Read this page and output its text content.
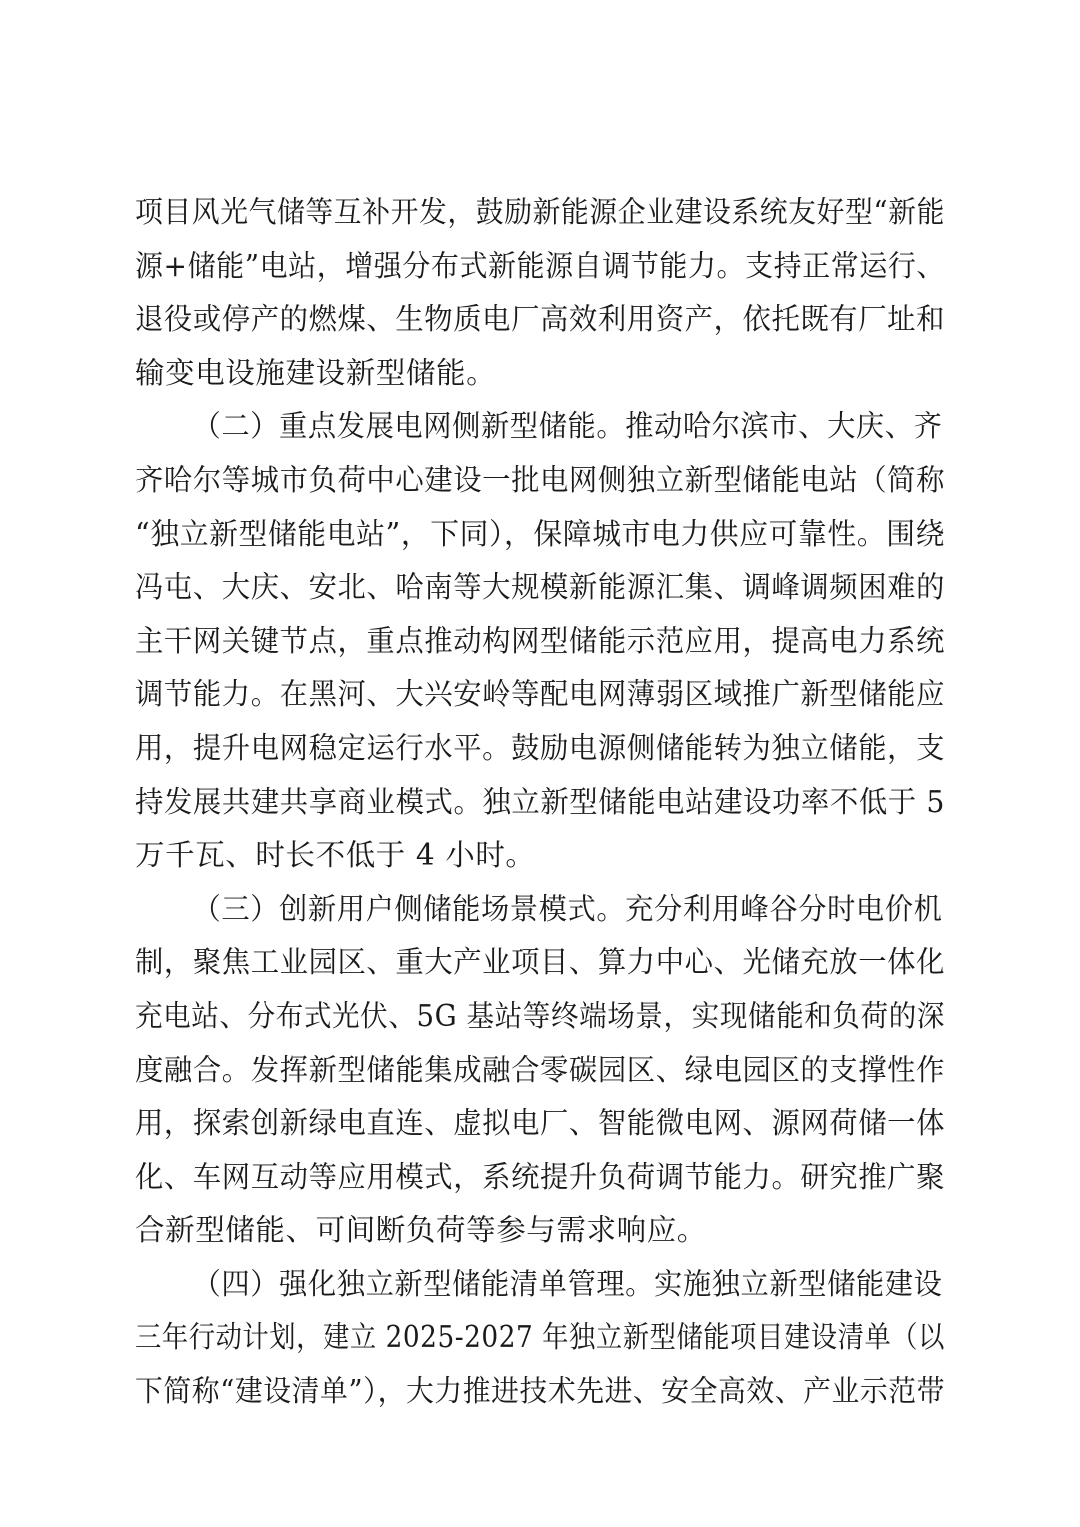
项目风光气储等互补开发，鼓励新能源企业建设系统友好型“新能
源+储能”电站，增强分布式新能源自调节能力。支持正常运行、
退役或停产的燃煤、生物质电厂高效利用资产，依托既有厂址和
输变电设施建设新型储能。
（二）重点发展电网侧新型储能。推动哈尔滨市、大庆、齐
齐哈尔等城市负荷中心建设一批电网侧独立新型储能电站（简称
“独立新型储能电站”，下同），保障城市电力供应可靠性。围绕
冯屯、大庆、安北、哈南等大规模新能源汇集、调峰调频困难的
主干网关键节点，重点推动构网型储能示范应用，提高电力系统
调节能力。在黑河、大兴安岭等配电网薄弱区域推广新型储能应
用，提升电网稳定运行水平。鼓励电源侧储能转为独立储能，支
持发展共建共享商业模式。独立新型储能电站建设功率不低于 5
万千瓦、时长不低于 4 小时。
（三）创新用户侧储能场景模式。充分利用峰谷分时电价机
制，聚焦工业园区、重大产业项目、算力中心、光储充放一体化
充电站、分布式光伏、5G 基站等终端场景，实现储能和负荷的深
度融合。发挥新型储能集成融合零碳园区、绿电园区的支撑性作
用，探索创新绿电直连、虚拟电厂、智能微电网、源网荷储一体
化、车网互动等应用模式，系统提升负荷调节能力。研究推广聚
合新型储能、可间断负荷等参与需求响应。
（四）强化独立新型储能清单管理。实施独立新型储能建设
三年行动计划，建立 2025-2027 年独立新型储能项目建设清单（以
下简称“建设清单”），大力推进技术先进、安全高效、产业示范带
